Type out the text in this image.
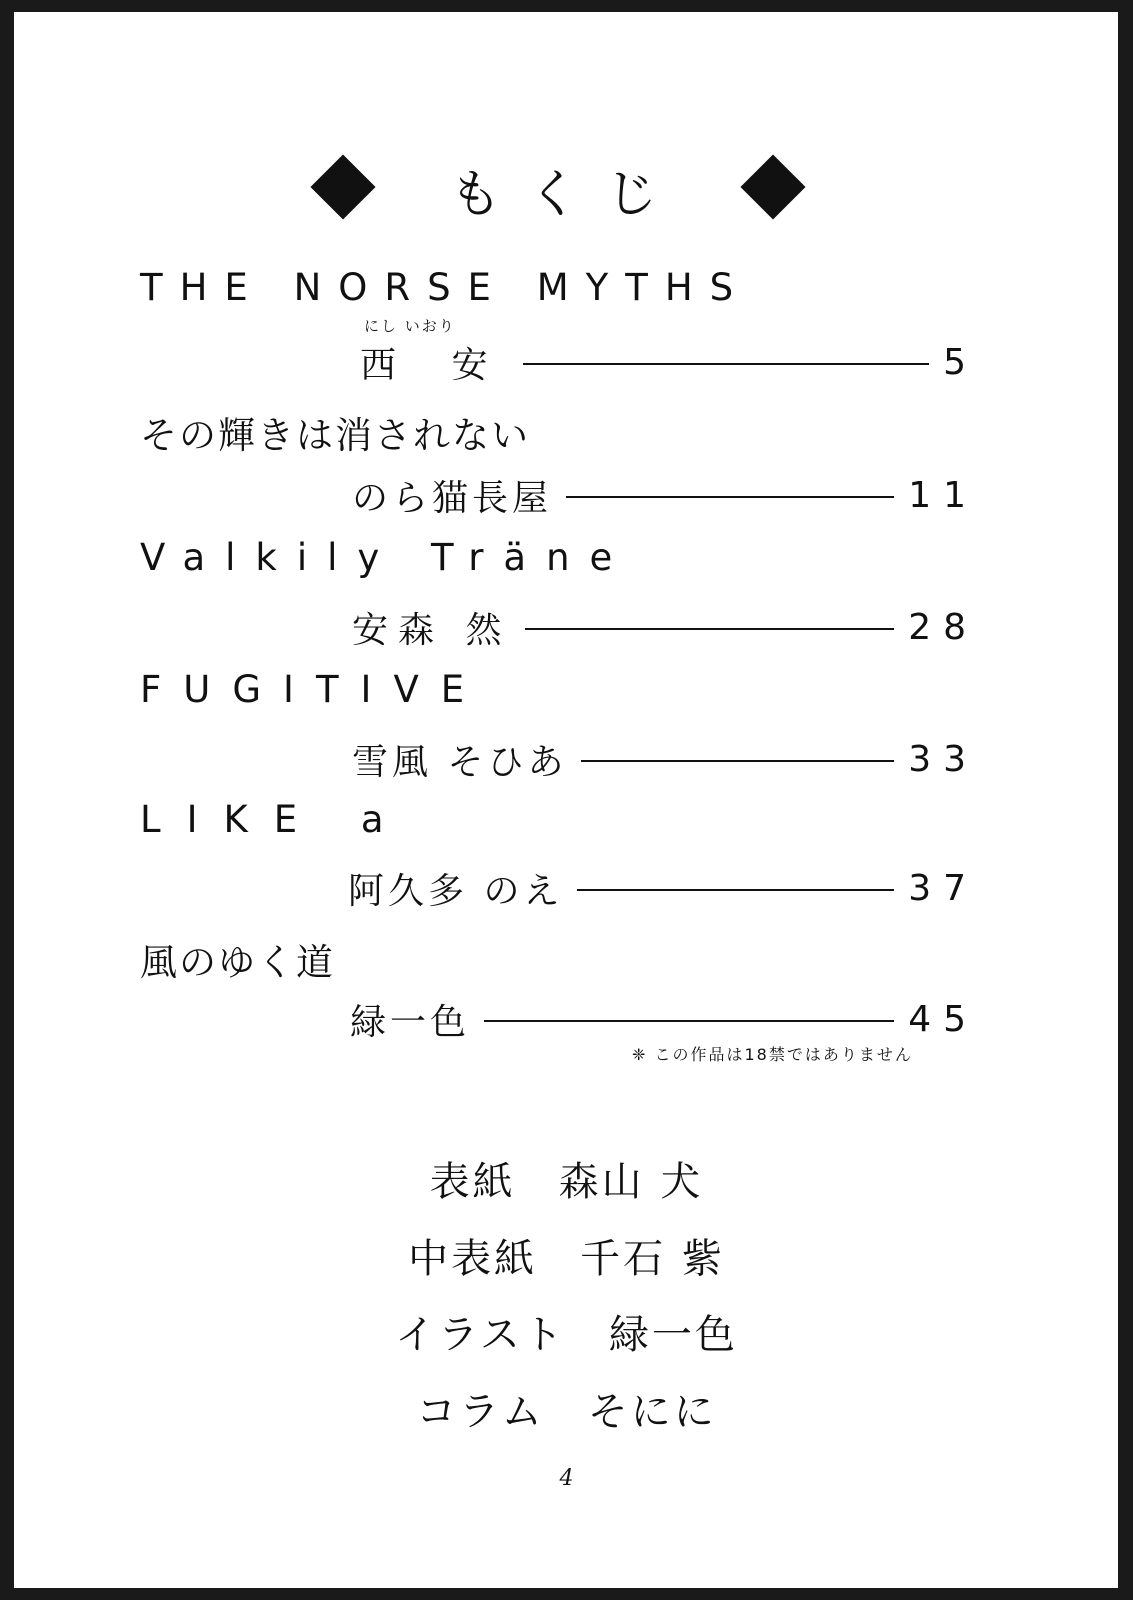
もくじ
THE NORSE MYTHS
にし いおり
西 安	5
その輝きは消されない
のら猫長屋	11
Valkily Träne
安森 然	28
FUGITIVE
雪風 そひあ	33
LIKE a
阿久多 のえ	37
風のゆく道
緑一色	45
❈ この作品は18禁ではありません
表紙　 森山 犬
中表紙　 千石 紫
イラスト　 緑一色
コラム　 そにに
4
